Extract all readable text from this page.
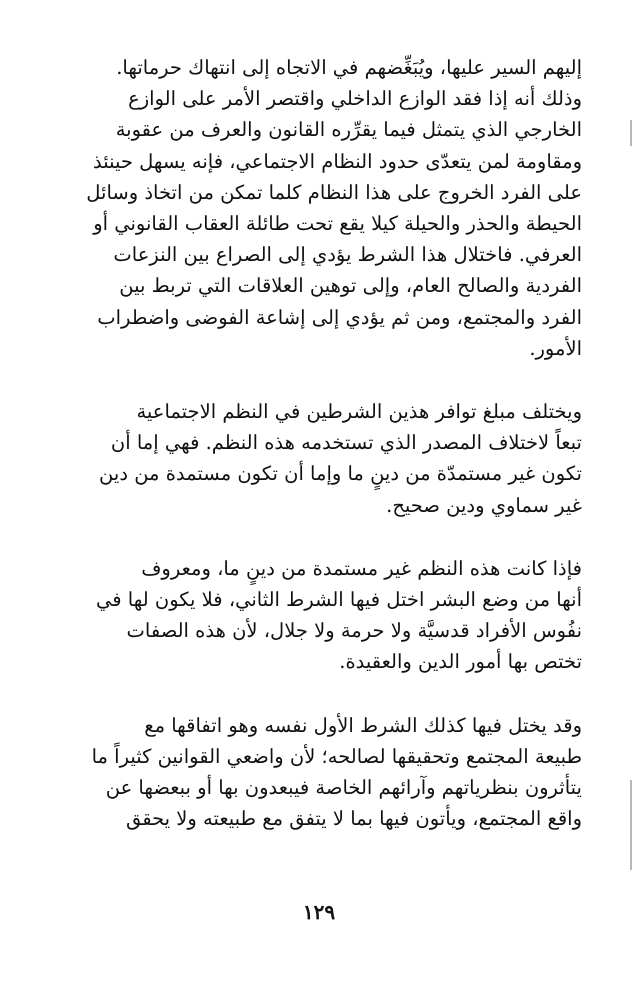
إليهم السير عليها، ويُبَغِّضهم في الاتجاه إلى انتهاك حرماتها.
وذلك أنه إذا فقد الوازع الداخلي واقتصر الأمر على الوازع
الخارجي الذي يتمثل فيما يقرِّره القانون والعرف من عقوبة
ومقاومة لمن يتعدّى حدود النظام الاجتماعي، فإنه يسهل حينئذ
على الفرد الخروج على هذا النظام كلما تمكن من اتخاذ وسائل
الحيطة والحذر والحيلة كيلا يقع تحت طائلة العقاب القانوني أو
العرفي. فاختلال هذا الشرط يؤدي إلى الصراع بين النزعات
الفردية والصالح العام، وإلى توهين العلاقات التي تربط بين
الفرد والمجتمع، ومن ثم يؤدي إلى إشاعة الفوضى واضطراب
الأمور.

ويختلف مبلغ توافر هذين الشرطين في النظم الاجتماعية
تبعاً لاختلاف المصدر الذي تستخدمه هذه النظم. فهي إما أن
تكون غير مستمدّة من دينٍ ما وإما أن تكون مستمدة من دين
غير سماوي ودين صحيح.

فإذا كانت هذه النظم غير مستمدة من دينٍ ما، ومعروف
أنها من وضع البشر اختل فيها الشرط الثاني، فلا يكون لها في
نفُوس الأفراد قدسيَّة ولا حرمة ولا جلال، لأن هذه الصفات
تختص بها أمور الدين والعقيدة.

وقد يختل فيها كذلك الشرط الأول نفسه وهو اتفاقها مع
طبيعة المجتمع وتحقيقها لصالحه؛ لأن واضعي القوانين كثيراً ما
يتأثرون بنظرياتهم وآرائهم الخاصة فيبعدون بها أو ببعضها عن
واقع المجتمع، ويأتون فيها بما لا يتفق مع طبيعته ولا يحقق

١٢٩
